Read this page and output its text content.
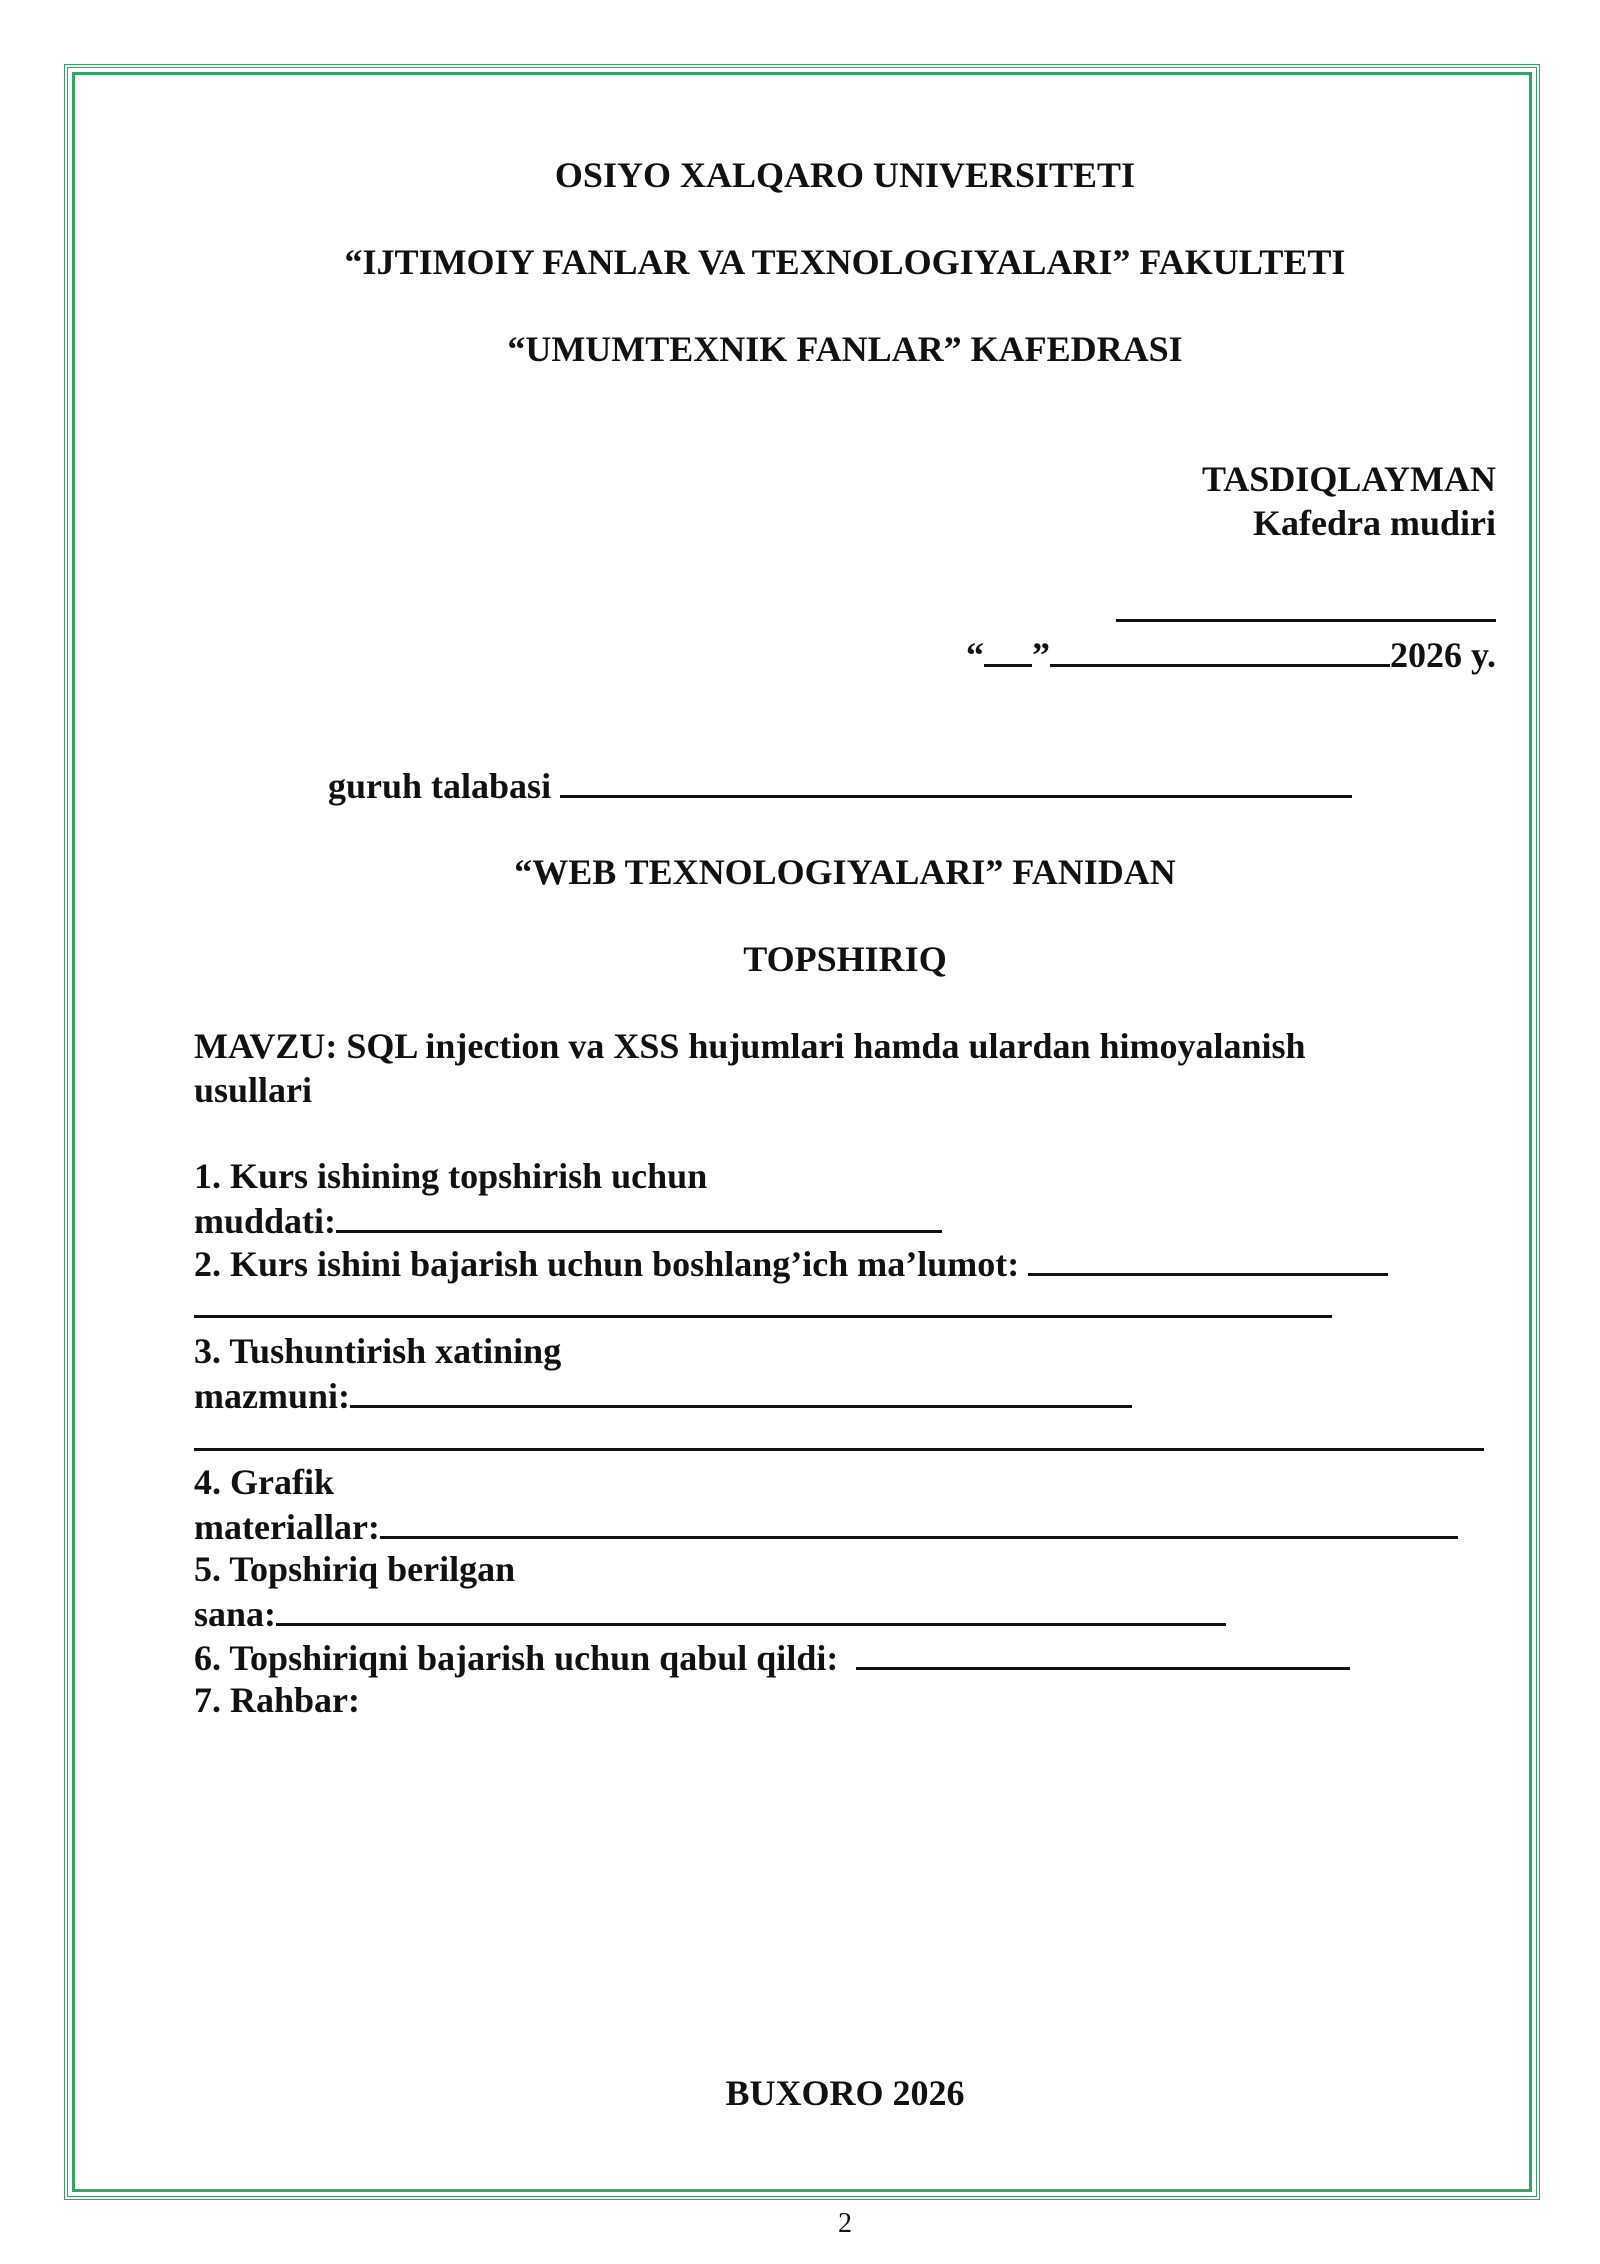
OSIYO XALQARO UNIVERSITETI
“IJTIMOIY FANLAR VA TEXNOLOGIYALARI” FAKULTETI
“UMUMTEXNIK FANLAR” KAFEDRASI
TASDIQLAYMAN
Kafedra mudiri

“ ”	2026 y.
guruh talabasi
“WEB TEXNOLOGIYALARI” FANIDAN
TOPSHIRIQ
MAVZU: SQL injection va XSS hujumlari hamda ulardan himoyalanish
usullari
1. Kurs ishining topshirish uchun
muddati:
2. Kurs ishini bajarish uchun boshlang’ich ma’lumot:
3. Tushuntirish xatining
mazmuni:
4. Grafik
materiallar:
5. Topshiriq berilgan
sana:
6. Topshiriqni bajarish uchun qabul qildi:
7. Rahbar:
BUXORO 2026
2
